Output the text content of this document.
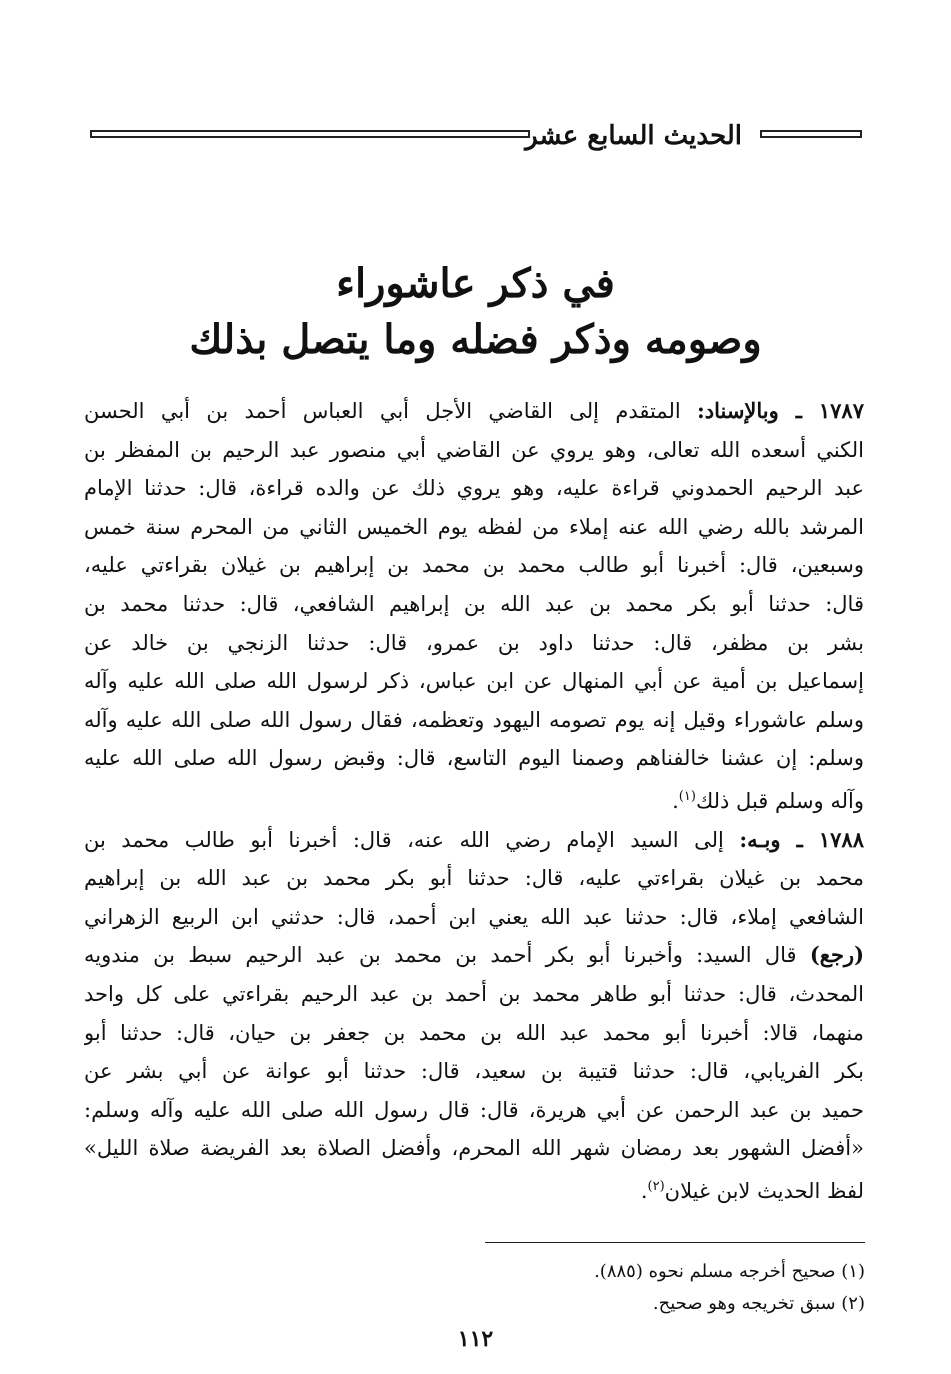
الحديث السابع عشر
في ذكر عاشوراء
وصومه وذكر فضله وما يتصل بذلك
١٧٨٧ ـ وبالإسناد: المتقدم إلى القاضي الأجل أبي العباس أحمد بن أبي الحسن
الكني أسعده الله تعالى، وهو يروي عن القاضي أبي منصور عبد الرحيم بن المفظر بن
عبد الرحيم الحمدوني قراءة عليه، وهو يروي ذلك عن والده قراءة، قال: حدثنا الإمام
المرشد بالله رضي الله عنه إملاء من لفظه يوم الخميس الثاني من المحرم سنة خمس
وسبعين، قال: أخبرنا أبو طالب محمد بن محمد بن إبراهيم بن غيلان بقراءتي عليه،
قال: حدثنا أبو بكر محمد بن عبد الله بن إبراهيم الشافعي، قال: حدثنا محمد بن
بشر بن مظفر، قال: حدثنا داود بن عمرو، قال: حدثنا الزنجي بن خالد عن
إسماعيل بن أمية عن أبي المنهال عن ابن عباس، ذكر لرسول الله صلى الله عليه وآله
وسلم عاشوراء وقيل إنه يوم تصومه اليهود وتعظمه، فقال رسول الله صلى الله عليه وآله
وسلم: إن عشنا خالفناهم وصمنا اليوم التاسع، قال: وقبض رسول الله صلى الله عليه
وآله وسلم قبل ذلك$^{(١)}$.
١٧٨٨ ـ وبـه: إلى السيد الإمام رضي الله عنه، قال: أخبرنا أبو طالب محمد بن
محمد بن غيلان بقراءتي عليه، قال: حدثنا أبو بكر محمد بن عبد الله بن إبراهيم
الشافعي إملاء، قال: حدثنا عبد الله يعني ابن أحمد، قال: حدثني ابن الربيع الزهراني
(رجع) قال السيد: وأخبرنا أبو بكر أحمد بن محمد بن عبد الرحيم سبط بن مندويه
المحدث، قال: حدثنا أبو طاهر محمد بن أحمد بن عبد الرحيم بقراءتي على كل واحد
منهما، قالا: أخبرنا أبو محمد عبد الله بن محمد بن جعفر بن حيان، قال: حدثنا أبو
بكر الفريابي، قال: حدثنا قتيبة بن سعيد، قال: حدثنا أبو عوانة عن أبي بشر عن
حميد بن عبد الرحمن عن أبي هريرة، قال: قال رسول الله صلى الله عليه وآله وسلم:
«أفضل الشهور بعد رمضان شهر الله المحرم، وأفضل الصلاة بعد الفريضة صلاة الليل»
لفظ الحديث لابن غيلان$^{(٢)}$.
(١) صحيح أخرجه مسلم نحوه (٨٨٥).
(٢) سبق تخريجه وهو صحيح.
١١٢
